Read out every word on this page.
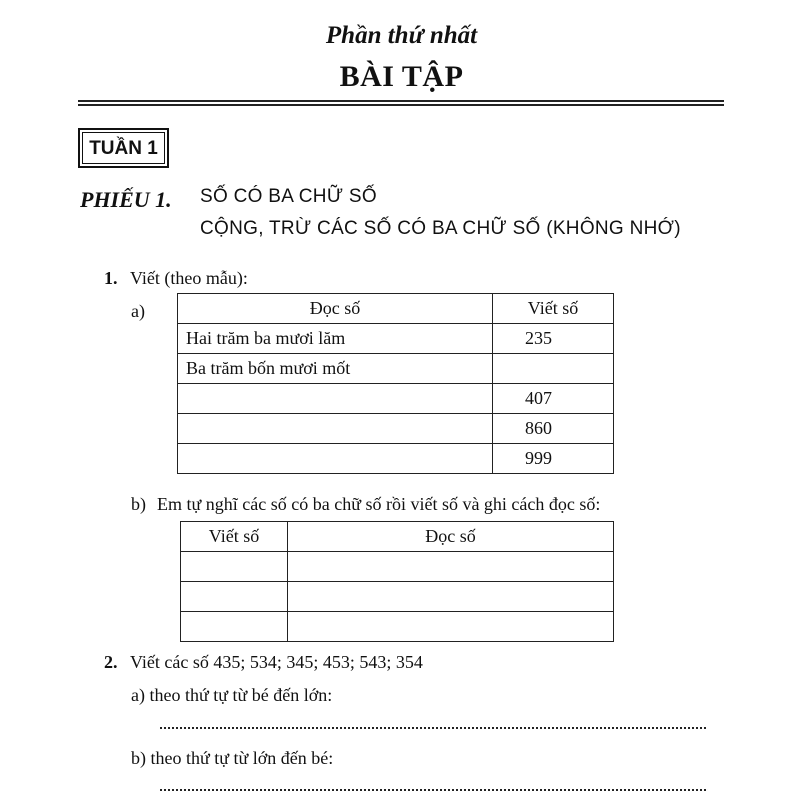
Phần thứ nhất
BÀI TẬP
TUẦN 1
PHIẾU 1. SỐ CÓ BA CHỮ SỐ
CỘNG, TRỪ CÁC SỐ CÓ BA CHỮ SỐ (KHÔNG NHỚ)
1. Viết (theo mẫu):
a)	Đọc số	Viết số
Hai trăm ba mươi lăm	235
Ba trăm bốn mươi mốt	
	407
	860
	999
b) Em tự nghĩ các số có ba chữ số rồi viết số và ghi cách đọc số:
Viết số	Đọc số

2. Viết các số 435; 534; 345; 453; 543; 354
a) theo thứ tự từ bé đến lớn:
b) theo thứ tự từ lớn đến bé:
